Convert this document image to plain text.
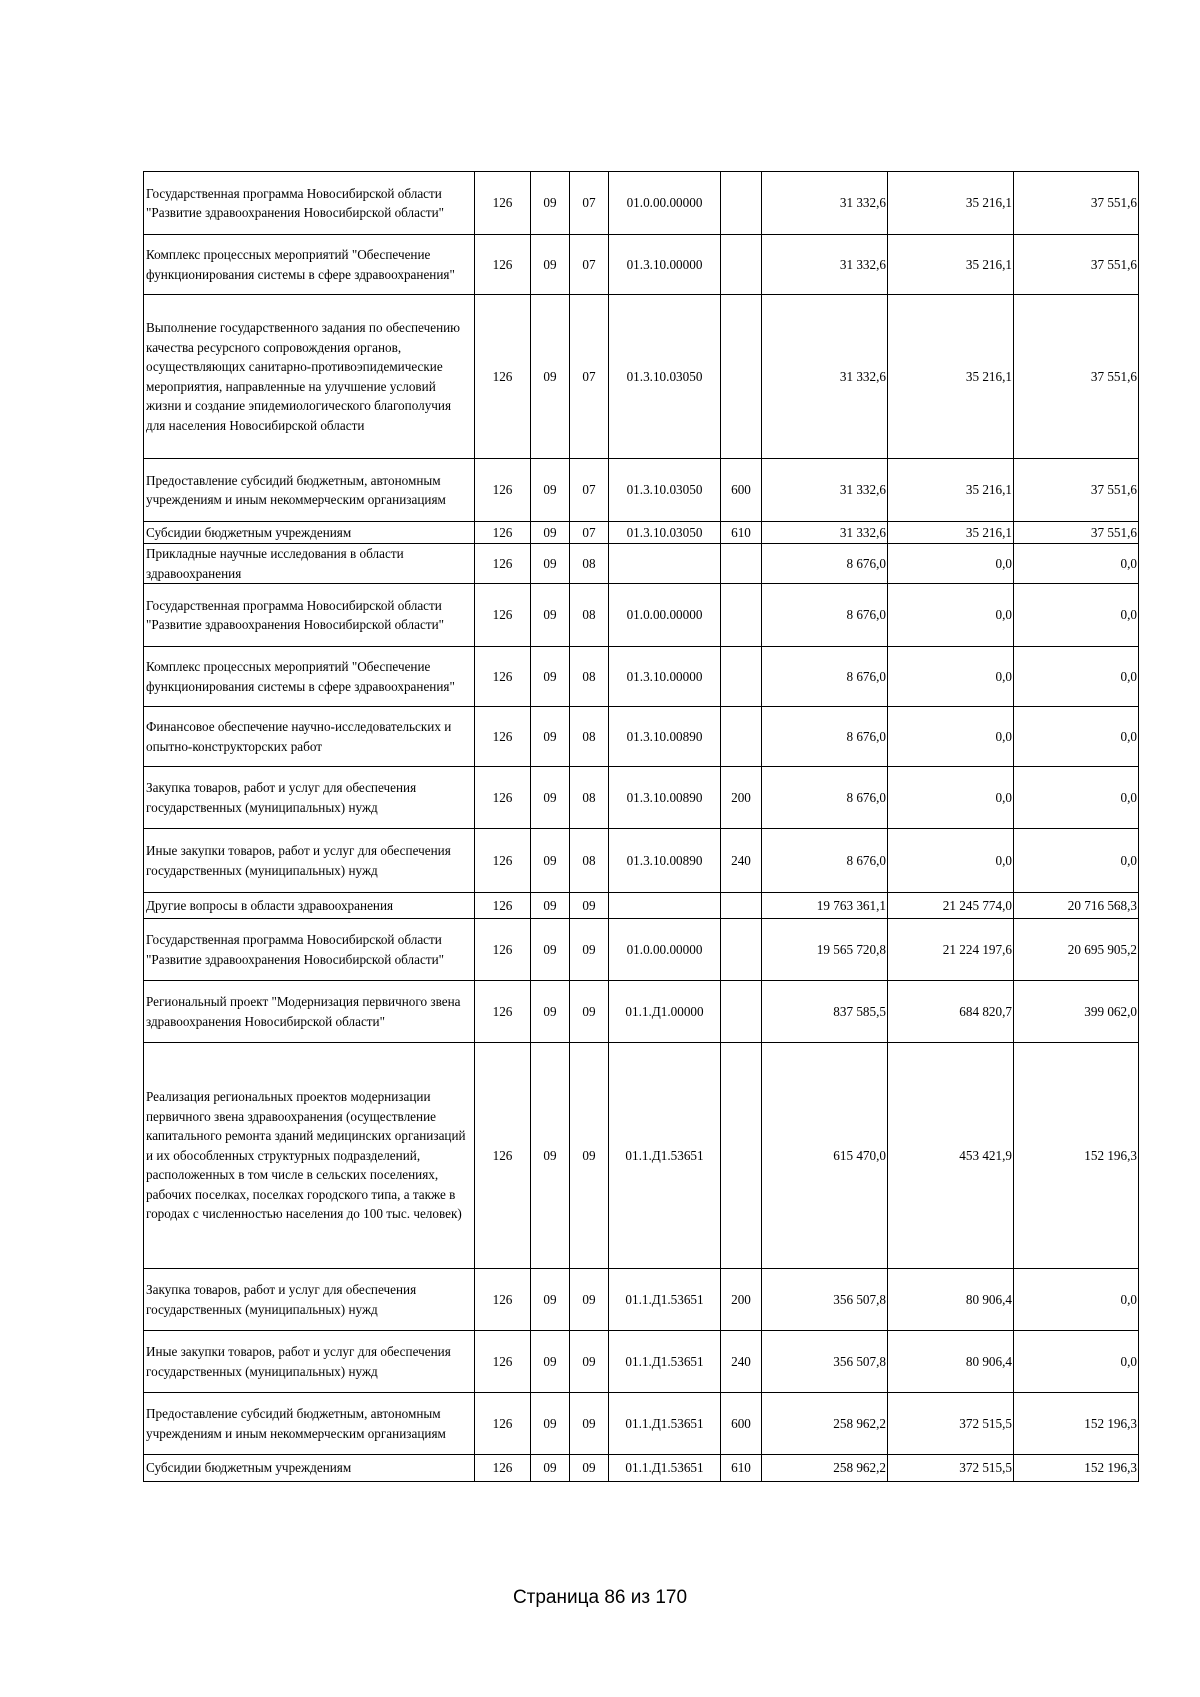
Государственная программа Новосибирской области "Развитие здравоохранения Новосибирской области"	126	09	07	01.0.00.00000		31 332,6	35 216,1	37 551,6
Комплекс процессных мероприятий "Обеспечение функционирования системы в сфере здравоохранения"	126	09	07	01.3.10.00000		31 332,6	35 216,1	37 551,6
Выполнение государственного задания по обеспечению качества ресурсного сопровождения органов, осуществляющих санитарно-противоэпидемические мероприятия, направленные на улучшение условий жизни и создание эпидемиологического благополучия для населения Новосибирской области	126	09	07	01.3.10.03050		31 332,6	35 216,1	37 551,6
Предоставление субсидий бюджетным, автономным учреждениям и иным некоммерческим организациям	126	09	07	01.3.10.03050	600	31 332,6	35 216,1	37 551,6
Субсидии бюджетным учреждениям	126	09	07	01.3.10.03050	610	31 332,6	35 216,1	37 551,6
Прикладные научные исследования в области здравоохранения	126	09	08			8 676,0	0,0	0,0
Государственная программа Новосибирской области "Развитие здравоохранения Новосибирской области"	126	09	08	01.0.00.00000		8 676,0	0,0	0,0
Комплекс процессных мероприятий "Обеспечение функционирования системы в сфере здравоохранения"	126	09	08	01.3.10.00000		8 676,0	0,0	0,0
Финансовое обеспечение научно-исследовательских и опытно-конструкторских работ	126	09	08	01.3.10.00890		8 676,0	0,0	0,0
Закупка товаров, работ и услуг для обеспечения государственных (муниципальных) нужд	126	09	08	01.3.10.00890	200	8 676,0	0,0	0,0
Иные закупки товаров, работ и услуг для обеспечения государственных (муниципальных) нужд	126	09	08	01.3.10.00890	240	8 676,0	0,0	0,0
Другие вопросы в области здравоохранения	126	09	09			19 763 361,1	21 245 774,0	20 716 568,3
Государственная программа Новосибирской области "Развитие здравоохранения Новосибирской области"	126	09	09	01.0.00.00000		19 565 720,8	21 224 197,6	20 695 905,2
Региональный проект "Модернизация первичного звена здравоохранения Новосибирской области"	126	09	09	01.1.Д1.00000		837 585,5	684 820,7	399 062,0
Реализация региональных проектов модернизации первичного звена здравоохранения (осуществление капитального ремонта зданий медицинских организаций и их обособленных структурных подразделений, расположенных в том числе в сельских поселениях, рабочих поселках, поселках городского типа, а также в городах с численностью населения до 100 тыс. человек)	126	09	09	01.1.Д1.53651		615 470,0	453 421,9	152 196,3
Закупка товаров, работ и услуг для обеспечения государственных (муниципальных) нужд	126	09	09	01.1.Д1.53651	200	356 507,8	80 906,4	0,0
Иные закупки товаров, работ и услуг для обеспечения государственных (муниципальных) нужд	126	09	09	01.1.Д1.53651	240	356 507,8	80 906,4	0,0
Предоставление субсидий бюджетным, автономным учреждениям и иным некоммерческим организациям	126	09	09	01.1.Д1.53651	600	258 962,2	372 515,5	152 196,3
Субсидии бюджетным учреждениям	126	09	09	01.1.Д1.53651	610	258 962,2	372 515,5	152 196,3
Страница 86 из 170
